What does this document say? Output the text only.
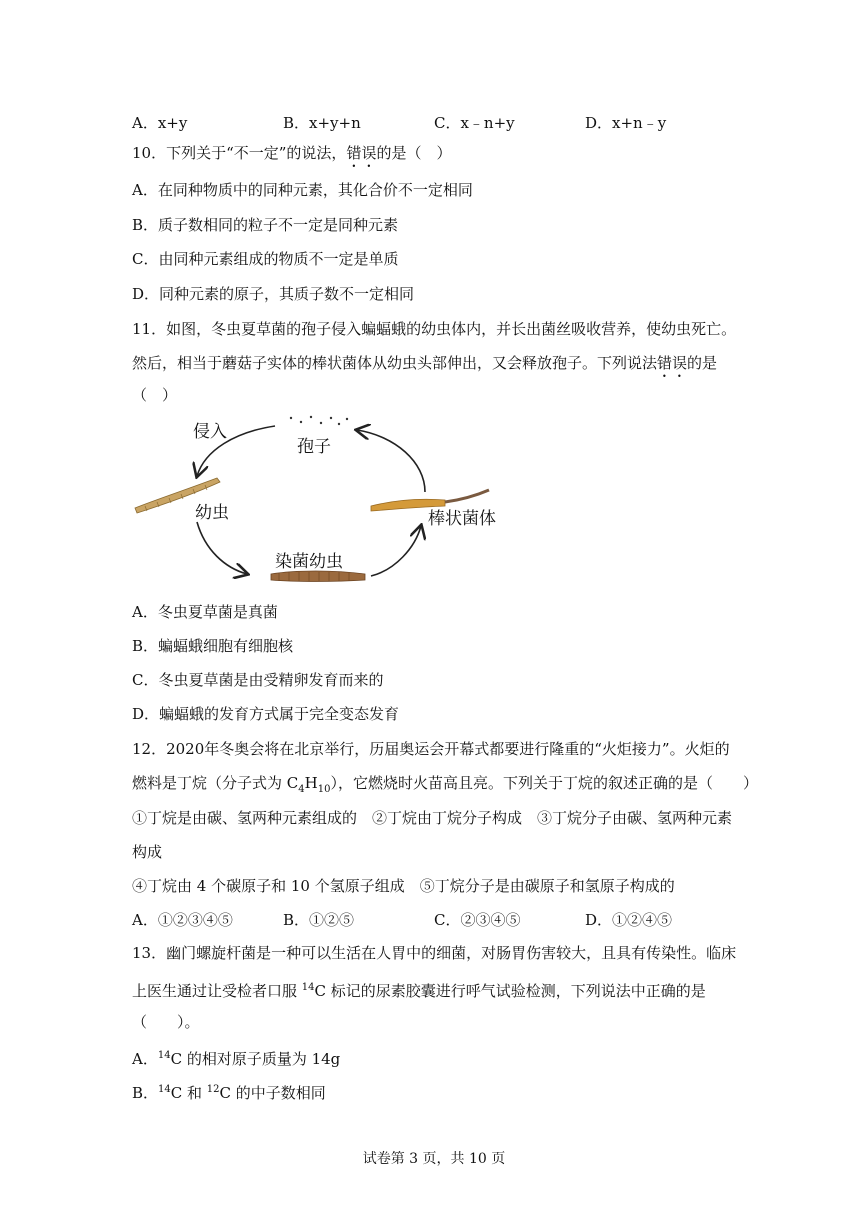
A．x+y	B．x+y+n	C．x﹣n+y	D．x+n﹣y
10．下列关于“不一定”的说法，错误的是（　）
A．在同种物质中的同种元素，其化合价不一定相同
B．质子数相同的粒子不一定是同种元素
C．由同种元素组成的物质不一定是单质
D．同种元素的原子，其质子数不一定相同
11．如图，冬虫夏草菌的孢子侵入蝙蝠蛾的幼虫体内，并长出菌丝吸收营养，使幼虫死亡。
然后，相当于蘑菇子实体的棒状菌体从幼虫头部伸出，又会释放孢子。下列说法错误的是
（　）
侵入
孢子
幼虫	棒状菌体
染菌幼虫
A．冬虫夏草菌是真菌
B．蝙蝠蛾细胞有细胞核
C．冬虫夏草菌是由受精卵发育而来的
D．蝙蝠蛾的发育方式属于完全变态发育
12．2020年冬奥会将在北京举行，历届奥运会开幕式都要进行隆重的“火炬接力”。火炬的
燃料是丁烷（分子式为 $C_4H_{10}$），它燃烧时火苗高且亮。下列关于丁烷的叙述正确的是（　　）
①丁烷是由碳、氢两种元素组成的　②丁烷由丁烷分子构成　③丁烷分子由碳、氢两种元素
构成
④丁烷由 4 个碳原子和 10 个氢原子组成　⑤丁烷分子是由碳原子和氢原子构成的
A．①②③④⑤	B．①②⑤	C．②③④⑤	D．①②④⑤
13．幽门螺旋杆菌是一种可以生活在人胃中的细菌，对肠胃伤害较大，且具有传染性。临床
上医生通过让受检者口服 $^{14}$C 标记的尿素胶囊进行呼气试验检测，下列说法中正确的是
（　　）。
A．$^{14}$C 的相对原子质量为 14g
B．$^{14}$C 和 $^{12}$C 的中子数相同
试卷第 3 页，共 10 页
